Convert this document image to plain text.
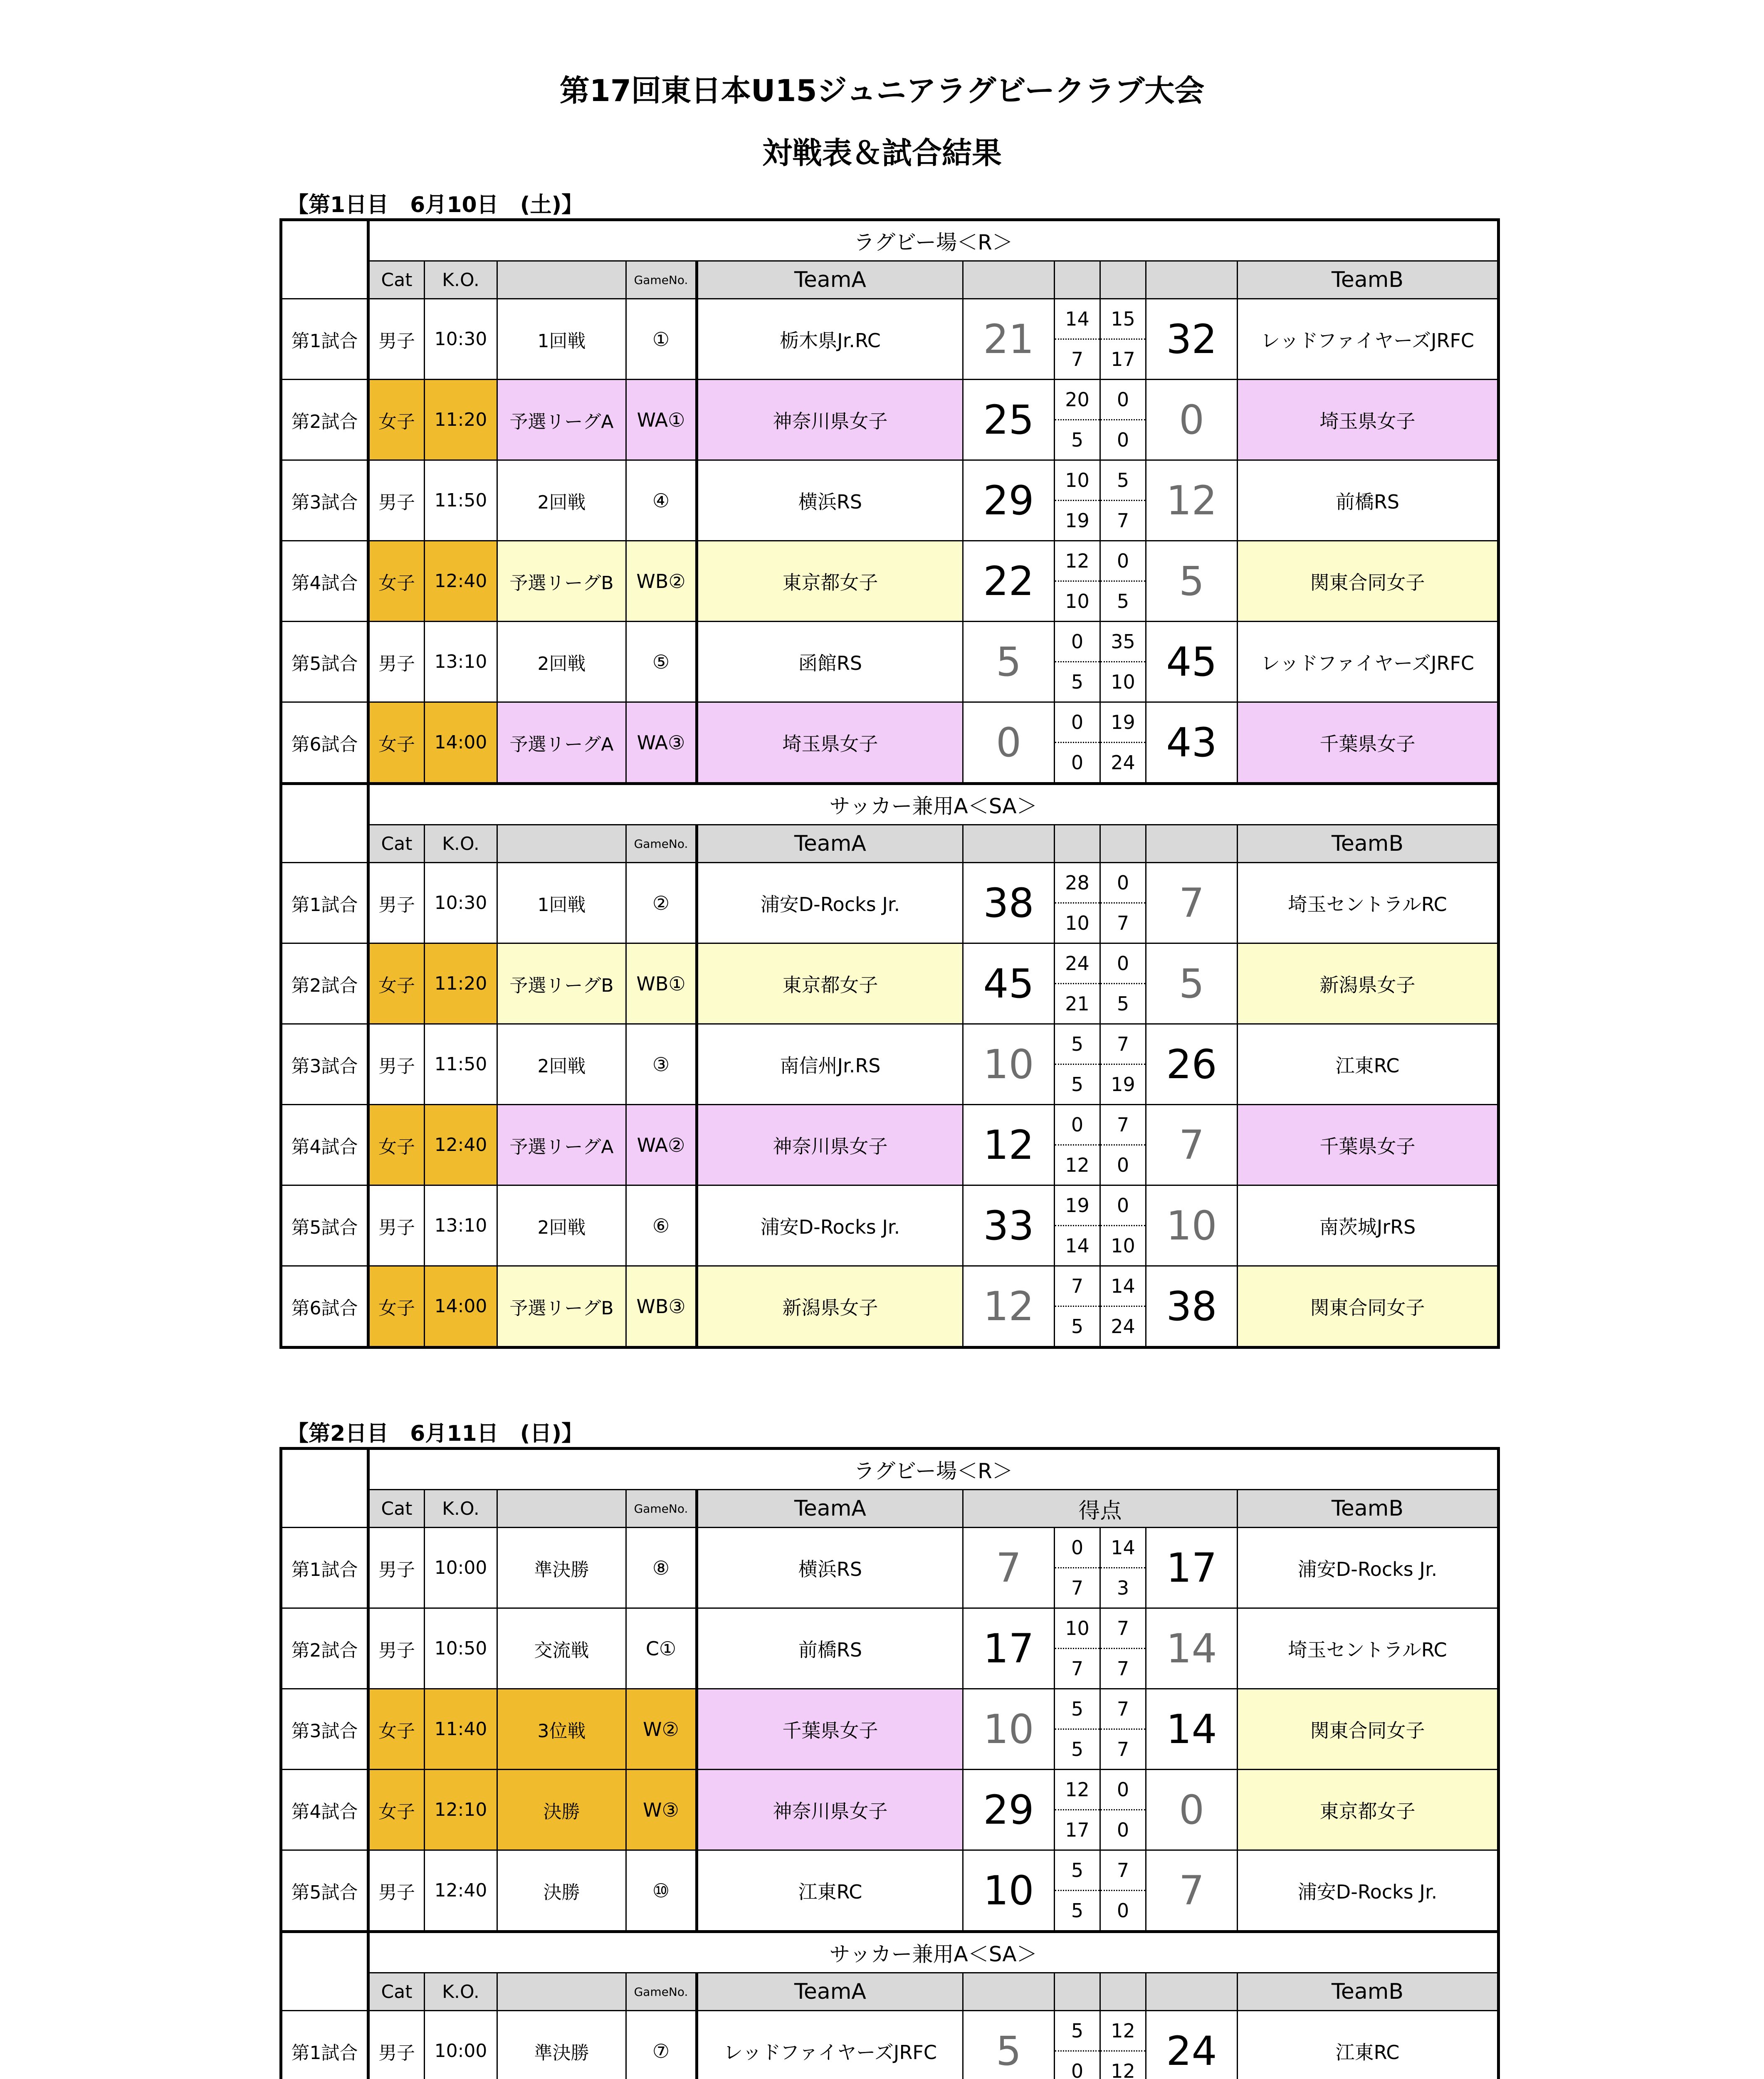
第17回東日本U15ジュニアラグビークラブ大会
対戦表＆試合結果
【第1日目　6月10日　(土)】
	ラグビー場＜R＞									
	Cat	K.O.		GameNo.	TeamA					TeamB
第1試合	男子	10:30	1回戦	①	栃木県Jr.RC	21	14	15	32	レッドファイヤーズJRFC
							7	17		
第2試合	女子	11:20	予選リーグA	WA①	神奈川県女子	25	20	0	0	埼玉県女子
							5	0		
第3試合	男子	11:50	2回戦	④	横浜RS	29	10	5	12	前橋RS
							19	7		
第4試合	女子	12:40	予選リーグB	WB②	東京都女子	22	12	0	5	関東合同女子
							10	5		
第5試合	男子	13:10	2回戦	⑤	函館RS	5	0	35	45	レッドファイヤーズJRFC
							5	10		
第6試合	女子	14:00	予選リーグA	WA③	埼玉県女子	0	0	19	43	千葉県女子
							0	24		
	サッカー兼用A＜SA＞									
	Cat	K.O.		GameNo.	TeamA					TeamB
第1試合	男子	10:30	1回戦	②	浦安D-Rocks Jr.	38	28	0	7	埼玉セントラルRC
							10	7		
第2試合	女子	11:20	予選リーグB	WB①	東京都女子	45	24	0	5	新潟県女子
							21	5		
第3試合	男子	11:50	2回戦	③	南信州Jr.RS	10	5	7	26	江東RC
							5	19		
第4試合	女子	12:40	予選リーグA	WA②	神奈川県女子	12	0	7	7	千葉県女子
							12	0		
第5試合	男子	13:10	2回戦	⑥	浦安D-Rocks Jr.	33	19	0	10	南茨城JrRS
							14	10		
第6試合	女子	14:00	予選リーグB	WB③	新潟県女子	12	7	14	38	関東合同女子
							5	24		
【第2日目　6月11日　(日)】
	ラグビー場＜R＞									
	Cat	K.O.		GameNo.	TeamA	得点				TeamB
第1試合	男子	10:00	準決勝	⑧	横浜RS	7	0	14	17	浦安D-Rocks Jr.
							7	3		
第2試合	男子	10:50	交流戦	C①	前橋RS	17	10	7	14	埼玉セントラルRC
							7	7		
第3試合	女子	11:40	3位戦	W②	千葉県女子	10	5	7	14	関東合同女子
							5	7		
第4試合	女子	12:10	決勝	W③	神奈川県女子	29	12	0	0	東京都女子
							17	0		
第5試合	男子	12:40	決勝	⑩	江東RC	10	5	7	7	浦安D-Rocks Jr.
							5	0		
	サッカー兼用A＜SA＞									
	Cat	K.O.		GameNo.	TeamA					TeamB
第1試合	男子	10:00	準決勝	⑦	レッドファイヤーズJRFC	5	5	12	24	江東RC
							0	12		
